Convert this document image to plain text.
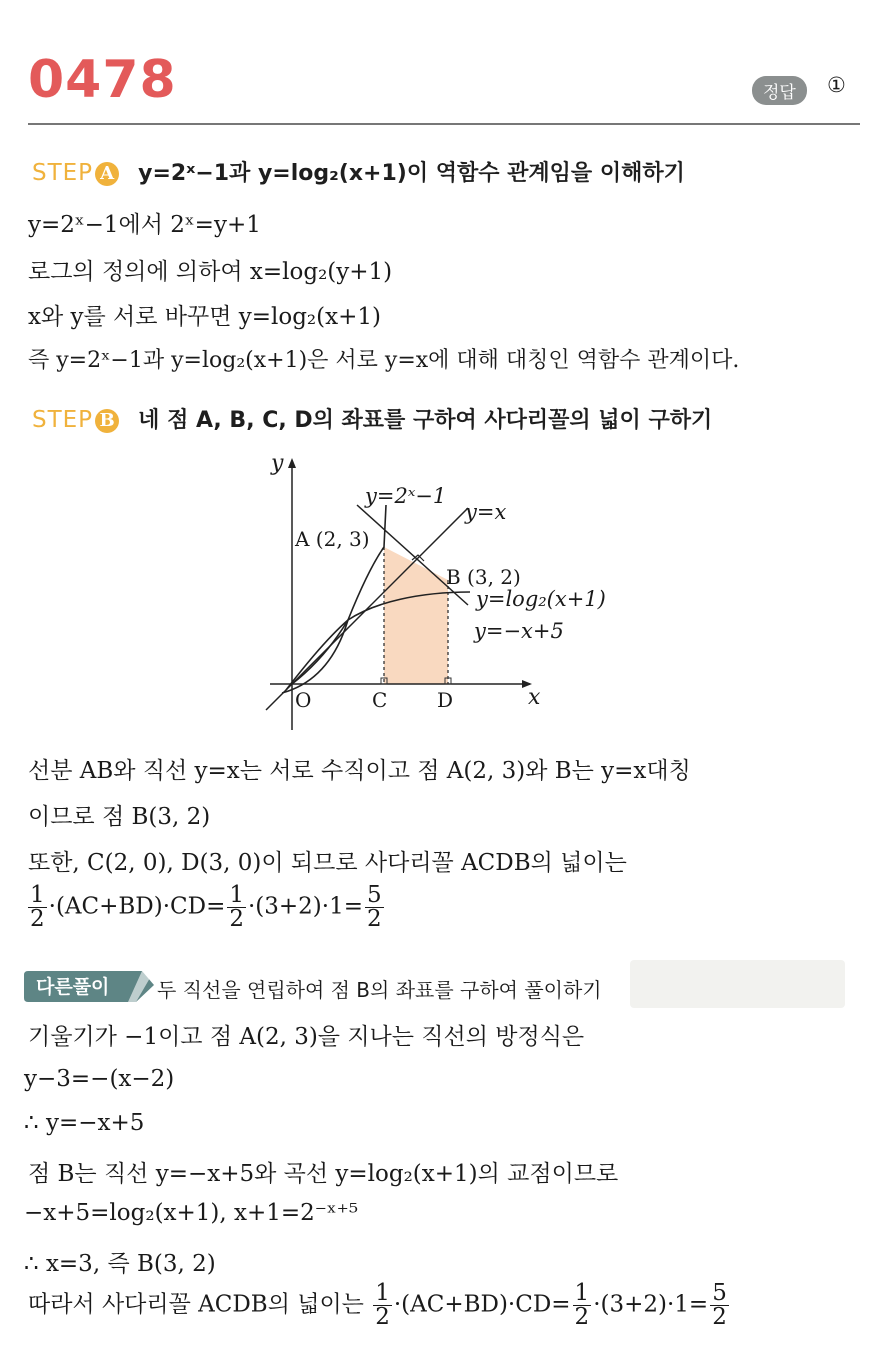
0478	정답	①
STEP A y=2ˣ−1과 y=log₂(x+1)이 역함수 관계임을 이해하기
y=2ˣ−1에서 2ˣ=y+1
로그의 정의에 의하여 x=log₂(y+1)
x와 y를 서로 바꾸면 y=log₂(x+1)
즉 y=2ˣ−1과 y=log₂(x+1)은 서로 y=x에 대해 대칭인 역함수 관계이다.
STEP B 네 점 A, B, C, D의 좌표를 구하여 사다리꼴의 넓이 구하기
y
x
O	C D
y=2ˣ−1
y=x
A (2, 3)
B (3, 2)
y=log₂(x+1)
y=−x+5
선분 AB와 직선 y=x는 서로 수직이고 점 A(2, 3)와 B는 y=x대칭
이므로 점 B(3, 2)
또한, C(2, 0), D(3, 0)이 되므로 사다리꼴 ACDB의 넓이는
$\frac{1}{2} \cdot(AC+BD)\cdot CD= \frac{1}{2} \cdot(3+2)\cdot 1= \frac{5}{2}$
다른풀이 두 직선을 연립하여 점 B의 좌표를 구하여 풀이하기
기울기가 −1이고 점 A(2, 3)을 지나는 직선의 방정식은
y−3=−(x−2)
∴ y=−x+5
점 B는 직선 y=−x+5와 곡선 y=log₂(x+1)의 교점이므로
−x+5=log₂(x+1), x+1=2⁻ˣ⁺⁵
∴ x=3, 즉 B(3, 2)
따라서 사다리꼴 ACDB의 넓이는 $\frac{1}{2} \cdot(AC+BD)\cdot CD= \frac{1}{2} \cdot(3+2)\cdot 1= \frac{5}{2}$
